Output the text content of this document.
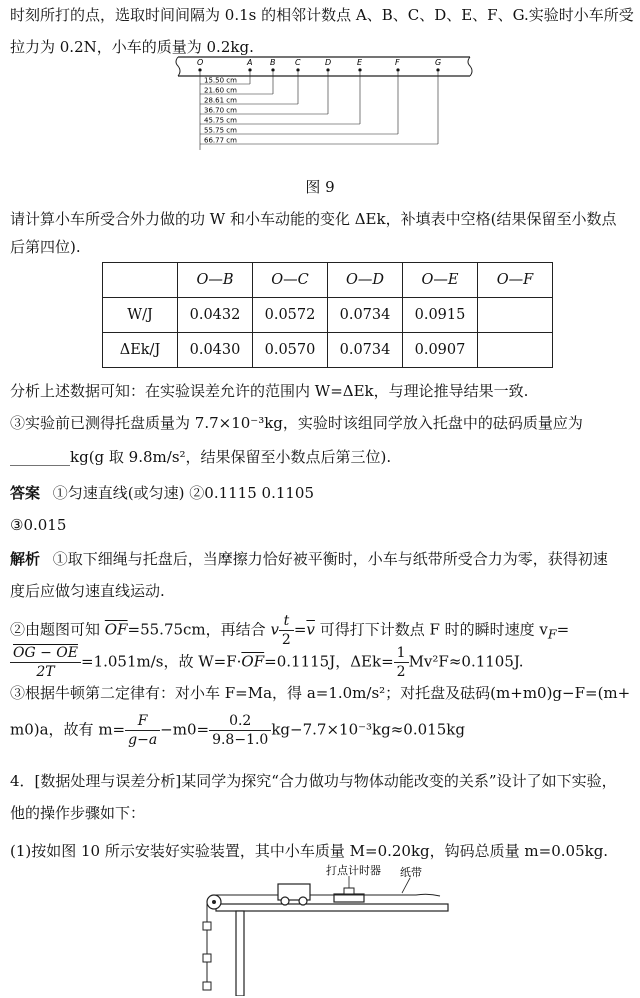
时刻所打的点，选取时间间隔为 0.1s 的相邻计数点 A、B、C、D、E、F、G.实验时小车所受
拉力为 0.2N，小车的质量为 0.2kg.
O	A B C	D	E	F	G
15.50 cm
21.60 cm
28.61 cm
36.70 cm
45.75 cm
55.75 cm
66.77 cm
图 9
请计算小车所受合外力做的功 W 和小车动能的变化 ΔEk，补填表中空格(结果保留至小数点
后第四位).
	O—B	O—C	O—D	O—E	O—F
W/J	0.0432	0.0572	0.0734	0.0915	
ΔEk/J	0.0430	0.0570	0.0734	0.0907	
分析上述数据可知：在实验误差允许的范围内 W=ΔEk，与理论推导结果一致.
③实验前已测得托盘质量为 7.7×10⁻³kg，实验时该组同学放入托盘中的砝码质量应为
________kg(g 取 9.8m/s²，结果保留至小数点后第三位).
答案 ①匀速直线(或匀速) ②0.1115 0.1105
③0.015
解析 ①取下细绳与托盘后，当摩擦力恰好被平衡时，小车与纸带所受合力为零，获得初速
度后应做匀速直线运动.
②由题图可知 $\overline{OF}=55.75cm$，再结合 v $\frac{t}{2} =\overline{v}$ 可得打下计数点 F 时的瞬时速度 $v_F=$
$\frac{OG - OE}{2T} =1.051m/s$，故 $W=F\cdot\overline{OF}=0.1115J$，$\Delta Ek= \frac{1}{2} Mv^2F\approx 0.1105J$.
③根据牛顿第二定律有：对小车 F=Ma，得 a=1.0m/s²；对托盘及砝码(m+m0)g−F=(m+
m0)a，故有 $m= \frac{F}{g-a} -m0= \frac{0.2}{9.8-1.0} kg-7.7\times 10^{-3}kg\approx 0.015kg$
4．[数据处理与误差分析]某同学为探究“合力做功与物体动能改变的关系”设计了如下实验，
他的操作步骤如下：
(1)按如图 10 所示安装好实验装置，其中小车质量 M=0.20kg，钩码总质量 m=0.05kg.
打点计时器 纸带
